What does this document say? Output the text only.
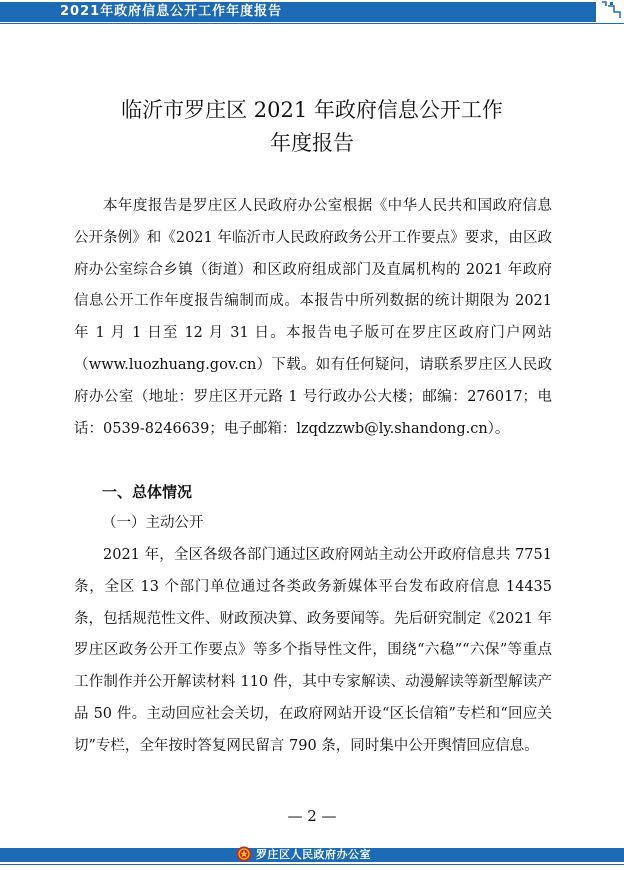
2021年政府信息公开工作年度报告
临沂市罗庄区 2021 年政府信息公开工作
年度报告
本年度报告是罗庄区人民政府办公室根据《中华人民共和国政府信息公开条例》和《2021 年临沂市人民政府政务公开工作要点》要求，由区政府办公室综合乡镇（街道）和区政府组成部门及直属机构的 2021 年政府信息公开工作年度报告编制而成。本报告中所列数据的统计期限为 2021 年 1 月 1 日至 12 月 31 日。本报告电子版可在罗庄区政府门户网站（www.luozhuang.gov.cn）下载。如有任何疑问，请联系罗庄区人民政府办公室（地址：罗庄区开元路 1 号行政办公大楼；邮编：276017；电话：0539-8246639；电子邮箱：lzqdzzwb@ly.shandong.cn）。
一、总体情况
（一）主动公开
2021 年，全区各级各部门通过区政府网站主动公开政府信息共 7751 条，全区 13 个部门单位通过各类政务新媒体平台发布政府信息 14435 条，包括规范性文件、财政预决算、政务要闻等。先后研究制定《2021 年罗庄区政务公开工作要点》等多个指导性文件，围绕“六稳”“六保”等重点工作制作并公开解读材料 110 件，其中专家解读、动漫解读等新型解读产品 50 件。主动回应社会关切，在政府网站开设“区长信箱”专栏和“回应关切”专栏，全年按时答复网民留言 790 条，同时集中公开舆情回应信息。
— 2 —
罗庄区人民政府办公室
